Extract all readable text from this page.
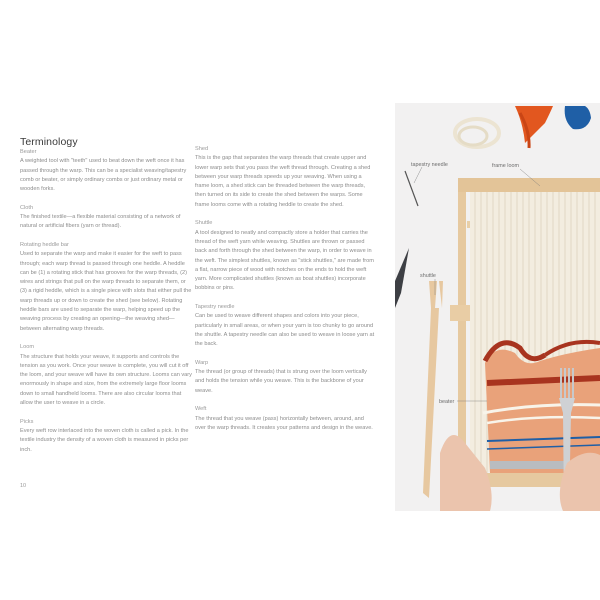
Terminology
Beater
A weighted tool with "teeth" used to beat down the weft once it has passed through the warp. This can be a specialist weaving/tapestry comb or beater, or simply ordinary combs or just ordinary metal or wooden forks.
Cloth
The finished textile—a flexible material consisting of a network of natural or artificial fibers (yarn or thread).
Rotating heddle bar
Used to separate the warp and make it easier for the weft to pass through; each warp thread is passed through one heddle. A heddle can be (1) a rotating stick that has grooves for the warp threads, (2) wires and strings that pull on the warp threads to separate them, or (3) a rigid heddle, which is a single piece with slots that either pull the warp threads up or down to create the shed (see below). Rotating heddle bars are used to separate the warp, helping speed up the weaving process by creating an opening—the weaving shed—between alternating warp threads.
Loom
The structure that holds your weave, it supports and controls the tension as you work. Once your weave is complete, you will cut it off the loom, and your weave will have its own structure. Looms can vary enormously in shape and size, from the extremely large floor looms down to small handheld looms. There are also circular looms that allow the user to weave in a circle.
Picks
Every weft row interlaced into the woven cloth is called a pick. In the textile industry the density of a woven cloth is measured in picks per inch.
Shed
This is the gap that separates the warp threads that create upper and lower warp sets that you pass the weft thread through. Creating a shed between your warp threads speeds up your weaving. When using a frame loom, a shed stick can be threaded between the warp threads, then turned on its side to create the shed between the warps. Some frame looms come with a rotating heddle to create the shed.
Shuttle
A tool designed to neatly and compactly store a holder that carries the thread of the weft yarn while weaving. Shuttles are thrown or passed back and forth through the shed between the warp, in order to weave in the weft. The simplest shuttles, known as "stick shuttles," are made from a flat, narrow piece of wood with notches on the ends to hold the weft yarn. More complicated shuttles (known as boat shuttles) incorporate bobbins or pins.
Tapestry needle
Can be used to weave different shapes and colors into your piece, particularly in small areas, or when your yarn is too chunky to go around the shuttle. A tapestry needle can also be used to weave in loose yarn at the back.
Warp
The thread (or group of threads) that is strung over the loom vertically and holds the tension while you weave. This is the backbone of your weave.
Weft
The thread that you weave (pass) horizontally between, around, and over the warp threads. It creates your patterns and design in the weave.
10
tapestry needle	frame loom
shuttle
beater
